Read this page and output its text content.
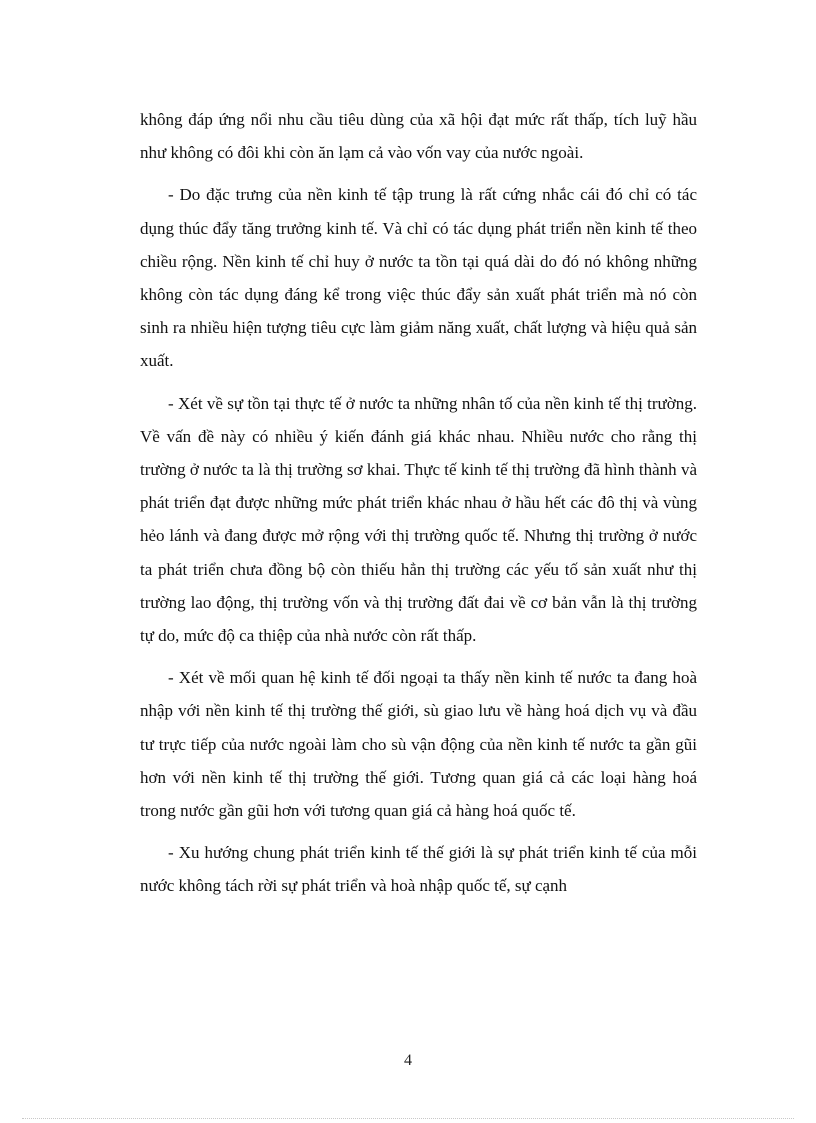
không đáp ứng nổi nhu cầu tiêu dùng của xã hội đạt mức rất thấp, tích luỹ hầu như không có đôi khi còn ăn lạm cả vào vốn vay của nước ngoài.

- Do đặc trưng của nền kinh tế tập trung là rất cứng nhắc cái đó chỉ có tác dụng thúc đẩy tăng trưởng kinh tế. Và chỉ có tác dụng phát triển nền kinh tế theo chiều rộng. Nền kinh tế chỉ huy ở nước ta tồn tại quá dài do đó nó không những không còn tác dụng đáng kể trong việc thúc đẩy sản xuất phát triển mà nó còn sinh ra nhiều hiện tượng tiêu cực làm giảm năng xuất, chất lượng và hiệu quả sản xuất.

- Xét về sự tồn tại thực tế ở nước ta những nhân tố của nền kinh tế thị trường. Về vấn đề này có nhiều ý kiến đánh giá khác nhau. Nhiều nước cho rằng thị trường ở nước ta là thị trường sơ khai. Thực tế kinh tế thị trường đã hình thành và phát triển đạt được những mức phát triển khác nhau ở hầu hết các đô thị và vùng hẻo lánh và đang được mở rộng với thị trường quốc tế. Nhưng thị trường ở nước ta phát triển chưa đồng bộ còn thiếu hẳn thị trường các yếu tố sản xuất như thị trường lao động, thị trường vốn và thị trường đất đai về cơ bản vẫn là thị trường tự do, mức độ ca thiệp của nhà nước còn rất thấp.

- Xét về mối quan hệ kinh tế đối ngoại ta thấy nền kinh tế nước ta đang hoà nhập với nền kinh tế thị trường thế giới, sù giao lưu về hàng hoá dịch vụ và đầu tư trực tiếp của nước ngoài làm cho sù vận động của nền kinh tế nước ta gần gũi hơn với nền kinh tế thị trường thế giới. Tương quan giá cả các loại hàng hoá trong nước gần gũi hơn với tương quan giá cả hàng hoá quốc tế.

- Xu hướng chung phát triển kinh tế thế giới là sự phát triển kinh tế của mỗi nước không tách rời sự phát triển và hoà nhập quốc tế, sự cạnh

4
